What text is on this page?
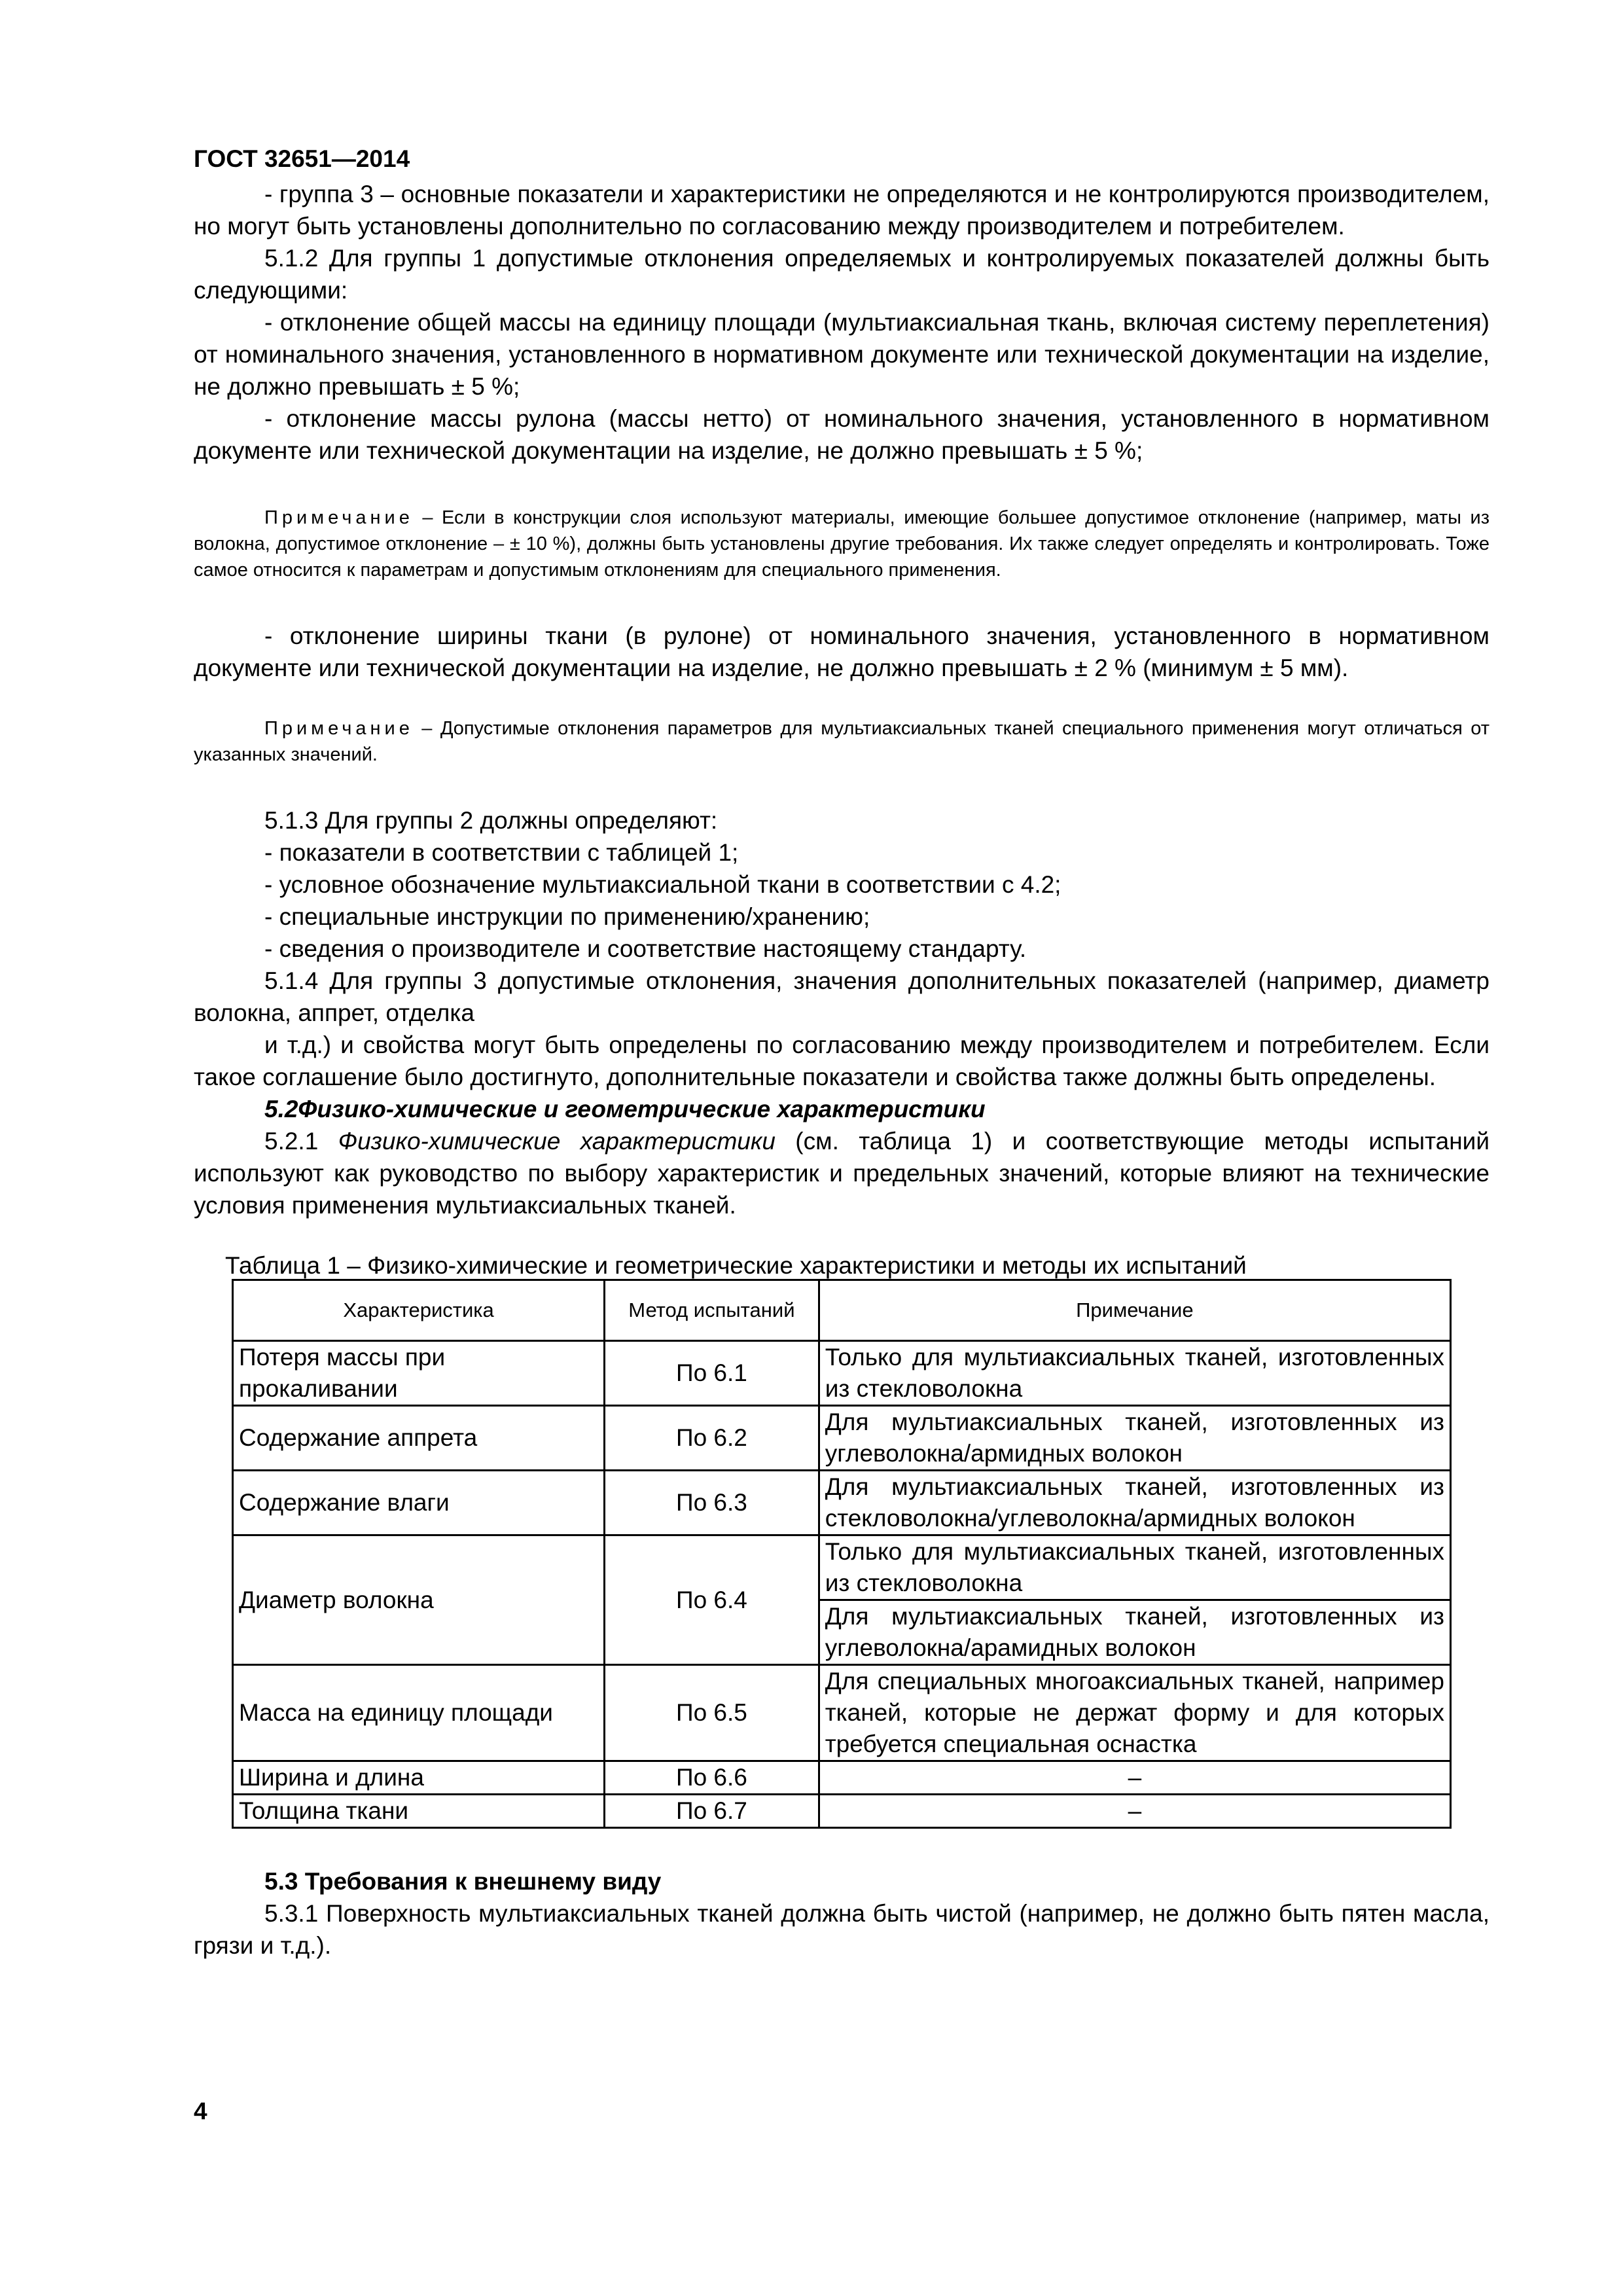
ГОСТ 32651—2014

- группа 3 – основные показатели и характеристики не определяются и не контролируются производителем, но могут быть установлены дополнительно по согласованию между производителем и потребителем.

5.1.2 Для группы 1 допустимые отклонения определяемых и контролируемых показателей должны быть следующими:

- отклонение общей массы на единицу площади (мультиаксиальная ткань, включая систему переплетения) от номинального значения, установленного в нормативном документе или технической документации на изделие, не должно превышать ± 5 %;

- отклонение массы рулона (массы нетто) от номинального значения, установленного в нормативном документе или технической документации на изделие, не должно превышать ± 5 %;

Примечание – Если в конструкции слоя используют материалы, имеющие большее допустимое отклонение (например, маты из волокна, допустимое отклонение – ± 10 %), должны быть установлены другие требования. Их также следует определять и контролировать. Тоже самое относится к параметрам и допустимым отклонениям для специального применения.

- отклонение ширины ткани (в рулоне) от номинального значения, установленного в нормативном документе или технической документации на изделие, не должно превышать ± 2 % (минимум ± 5 мм).

Примечание – Допустимые отклонения параметров для мультиаксиальных тканей специального применения могут отличаться от указанных значений.

5.1.3 Для группы 2 должны определяют:

- показатели в соответствии с таблицей 1;

- условное обозначение мультиаксиальной ткани в соответствии с 4.2;

- специальные инструкции по применению/хранению;

- сведения о производителе и соответствие настоящему стандарту.

5.1.4 Для группы 3 допустимые отклонения, значения дополнительных показателей (например, диаметр волокна, аппрет, отделка

и т.д.) и свойства могут быть определены по согласованию между производителем и потребителем. Если такое соглашение было достигнуто, дополнительные показатели и свойства также должны быть определены.

5.2Физико-химические и геометрические характеристики

5.2.1 Физико-химические характеристики (см. таблица 1) и соответствующие методы испытаний используют как руководство по выбору характеристик и предельных значений, которые влияют на технические условия применения мультиаксиальных тканей.

Таблица 1 – Физико-химические и геометрические характеристики и методы их испытаний
Характеристика	Метод испытаний	Примечание
Потеря массы при прокаливании	По 6.1	Только для мультиаксиальных тканей, изготовленных из стекловолокна
Содержание аппрета	По 6.2	Для мультиаксиальных тканей, изготовленных из углеволокна/армидных волокон
Содержание влаги	По 6.3	Для мультиаксиальных тканей, изготовленных из стекловолокна/углеволокна/армидных волокон
Диаметр волокна	По 6.4	Только для мультиаксиальных тканей, изготовленных из стекловолокна
		Для мультиаксиальных тканей, изготовленных из углеволокна/арамидных волокон
Масса на единицу площади	По 6.5	Для специальных многоаксиальных тканей, например тканей, которые не держат форму и для которых требуется специальная оснастка
Ширина и длина	По 6.6	–
Толщина ткани	По 6.7	–

5.3 Требования к внешнему виду

5.3.1 Поверхность мультиаксиальных тканей должна быть чистой (например, не должно быть пятен масла, грязи и т.д.).

4
